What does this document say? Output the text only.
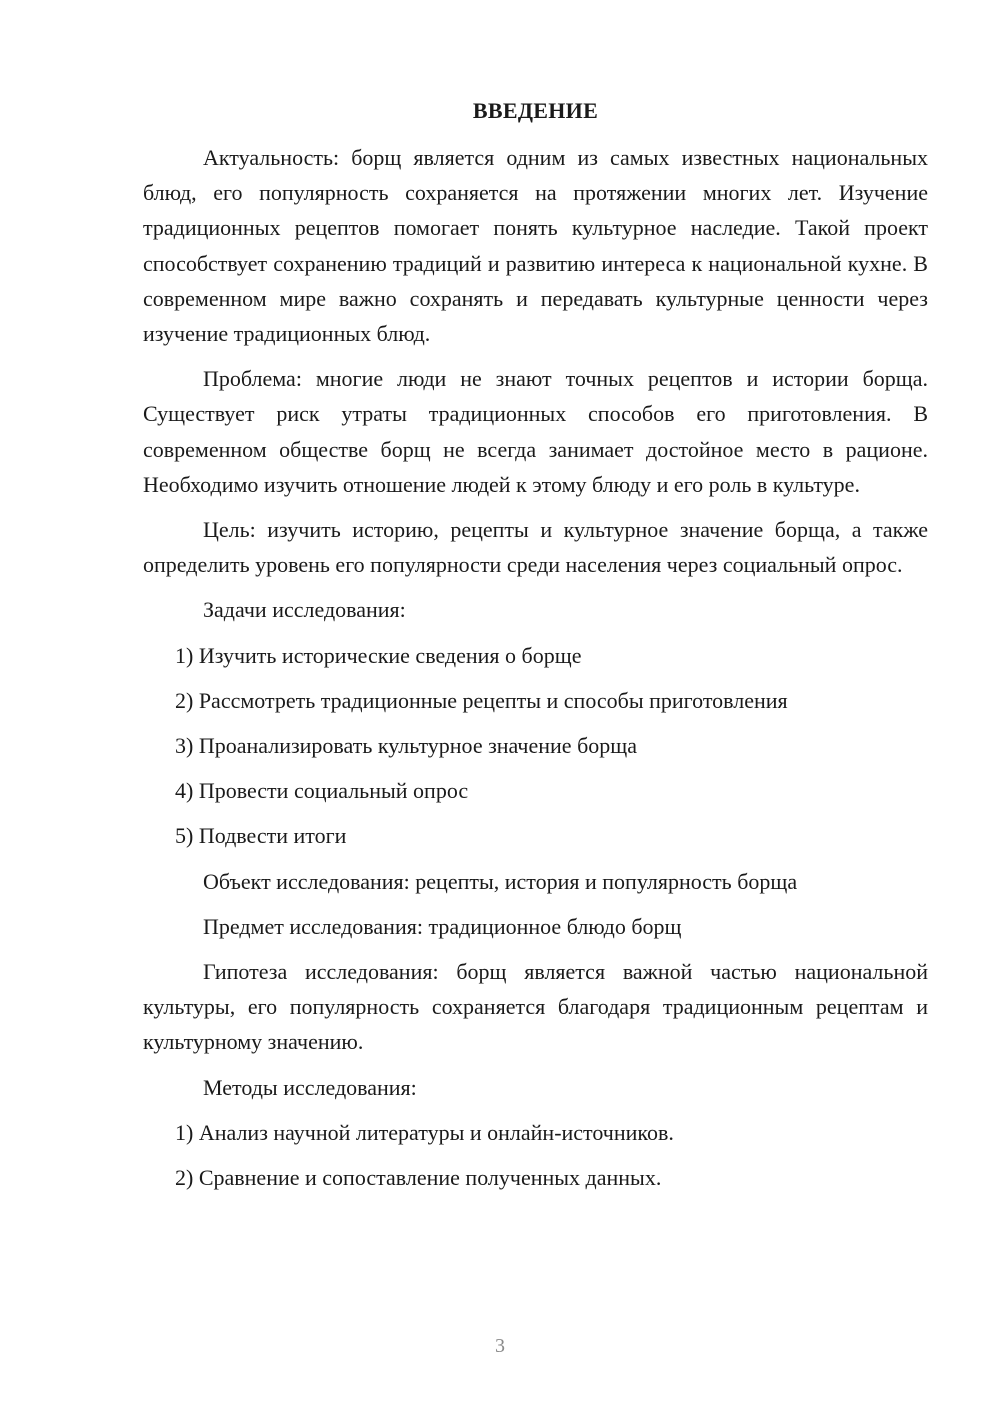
ВВЕДЕНИЕ

Актуальность: борщ является одним из самых известных национальных блюд, его популярность сохраняется на протяжении многих лет. Изучение традиционных рецептов помогает понять культурное наследие. Такой проект способствует сохранению традиций и развитию интереса к национальной кухне. В современном мире важно сохранять и передавать культурные ценности через изучение традиционных блюд.

Проблема: многие люди не знают точных рецептов и истории борща. Существует риск утраты традиционных способов его приготовления. В современном обществе борщ не всегда занимает достойное место в рационе. Необходимо изучить отношение людей к этому блюду и его роль в культуре.

Цель: изучить историю, рецепты и культурное значение борща, а также определить уровень его популярности среди населения через социальный опрос.

Задачи исследования:
1) Изучить исторические сведения о борще
2) Рассмотреть традиционные рецепты и способы приготовления
3) Проанализировать культурное значение борща
4) Провести социальный опрос
5) Подвести итоги
Объект исследования: рецепты, история и популярность борща
Предмет исследования: традиционное блюдо борщ

Гипотеза исследования: борщ является важной частью национальной культуры, его популярность сохраняется благодаря традиционным рецептам и культурному значению.

Методы исследования:
1) Анализ научной литературы и онлайн-источников.
2) Сравнение и сопоставление полученных данных.
3
